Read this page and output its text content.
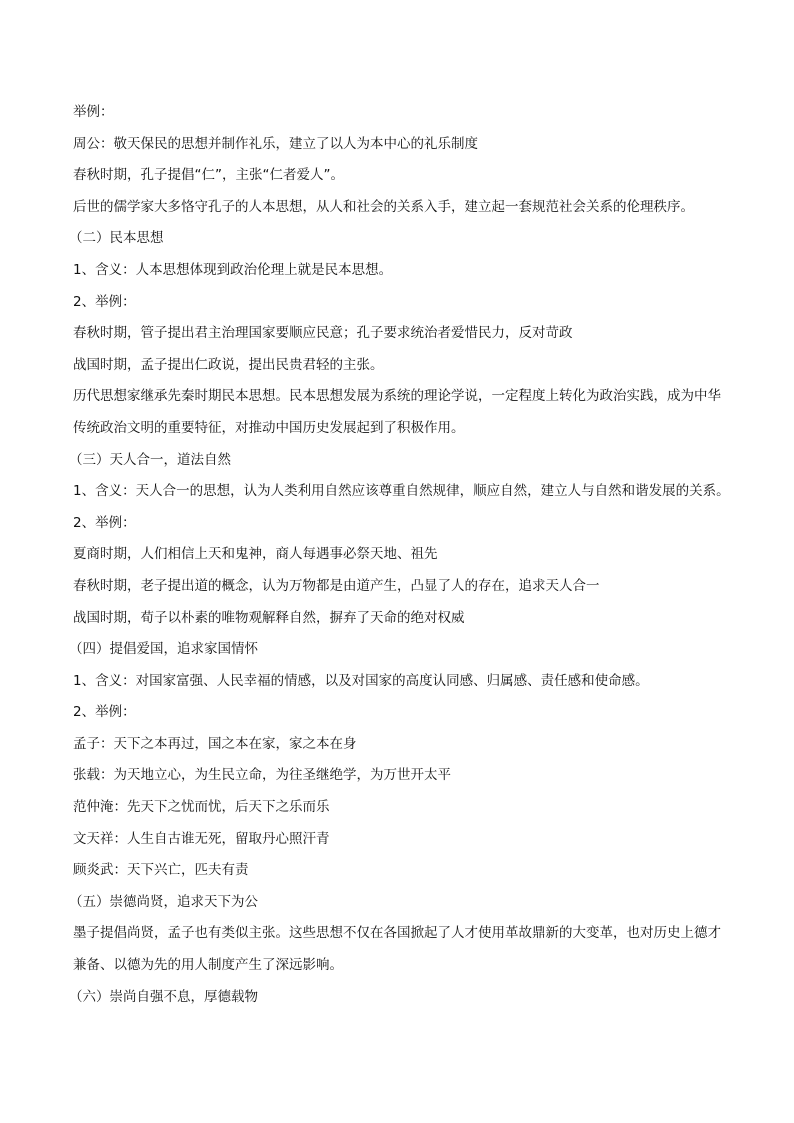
举例：

周公：敬天保民的思想并制作礼乐，建立了以人为本中心的礼乐制度

春秋时期，孔子提倡“仁”，主张“仁者爱人”。

后世的儒学家大多恪守孔子的人本思想，从人和社会的关系入手，建立起一套规范社会关系的伦理秩序。

（二）民本思想

1、含义：人本思想体现到政治伦理上就是民本思想。

2、举例：

春秋时期，管子提出君主治理国家要顺应民意；孔子要求统治者爱惜民力，反对苛政

战国时期，孟子提出仁政说，提出民贵君轻的主张。

历代思想家继承先秦时期民本思想。民本思想发展为系统的理论学说，一定程度上转化为政治实践，成为中华传统政治文明的重要特征，对推动中国历史发展起到了积极作用。

（三）天人合一，道法自然

1、含义：天人合一的思想，认为人类利用自然应该尊重自然规律，顺应自然，建立人与自然和谐发展的关系。

2、举例：

夏商时期，人们相信上天和鬼神，商人每遇事必祭天地、祖先

春秋时期，老子提出道的概念，认为万物都是由道产生，凸显了人的存在，追求天人合一

战国时期，荀子以朴素的唯物观解释自然，摒弃了天命的绝对权威

（四）提倡爱国，追求家国情怀

1、含义：对国家富强、人民幸福的情感，以及对国家的高度认同感、归属感、责任感和使命感。

2、举例：

孟子：天下之本再过，国之本在家，家之本在身

张载：为天地立心，为生民立命，为往圣继绝学，为万世开太平

范仲淹：先天下之忧而忧，后天下之乐而乐

文天祥：人生自古谁无死，留取丹心照汗青

顾炎武：天下兴亡，匹夫有责

（五）崇德尚贤，追求天下为公

墨子提倡尚贤，孟子也有类似主张。这些思想不仅在各国掀起了人才使用革故鼎新的大变革，也对历史上德才兼备、以德为先的用人制度产生了深远影响。

（六）崇尚自强不息，厚德载物
